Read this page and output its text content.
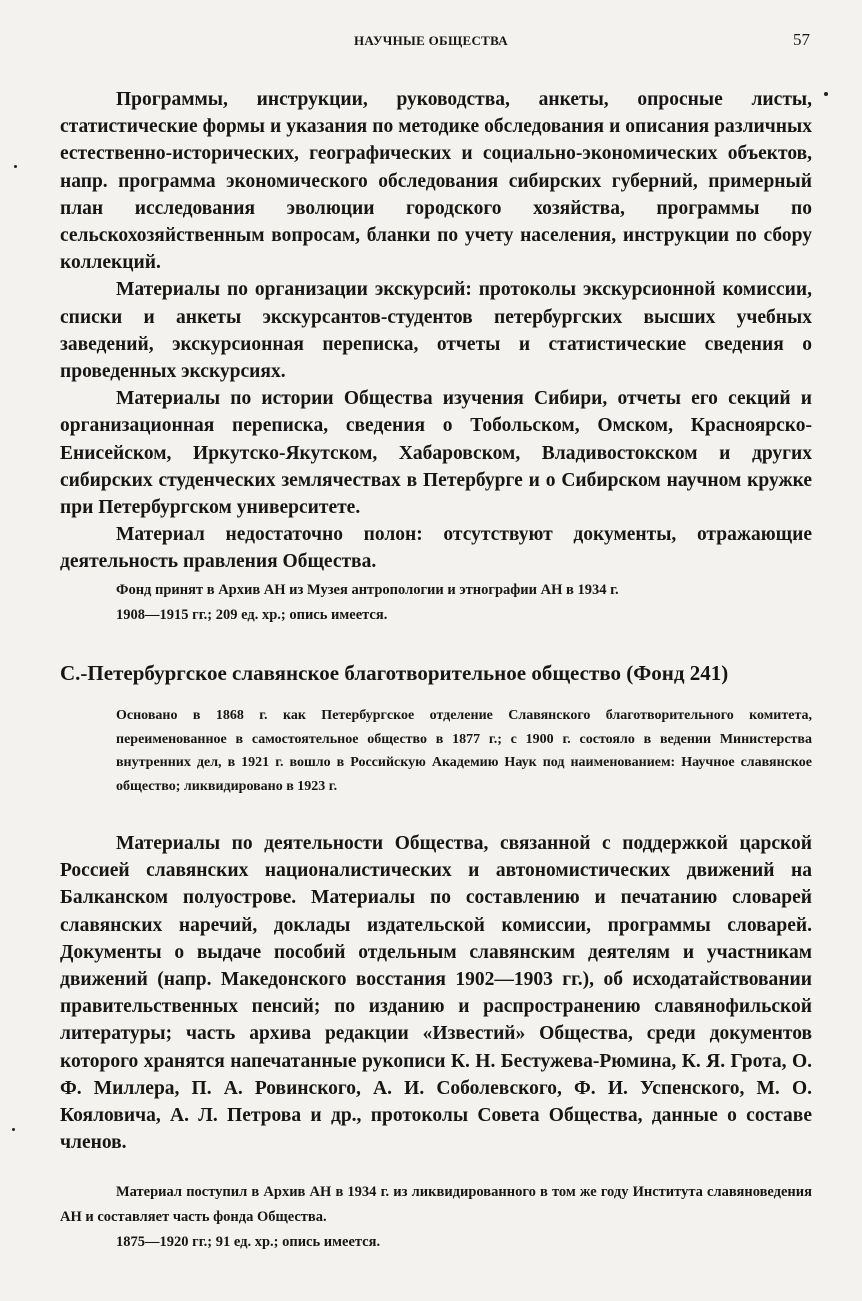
НАУЧНЫЕ ОБЩЕСТВА	57

Программы, инструкции, руководства, анкеты, опросные листы, статистические формы и указания по методике обследования и описания различных естественно-исторических, географических и социально-экономических объектов, напр. программа экономического обследования сибирских губерний, примерный план исследования эволюции городского хозяйства, программы по сельскохозяйственным вопросам, бланки по учету населения, инструкции по сбору коллекций.

Материалы по организации экскурсий: протоколы экскурсионной комиссии, списки и анкеты экскурсантов-студентов петербургских высших учебных заведений, экскурсионная переписка, отчеты и статистические сведения о проведенных экскурсиях.

Материалы по истории Общества изучения Сибири, отчеты его секций и организационная переписка, сведения о Тобольском, Омском, Красноярско-Енисейском, Иркутско-Якутском, Хабаровском, Владивостокском и других сибирских студенческих землячествах в Петербурге и о Сибирском научном кружке при Петербургском университете.

Материал недостаточно полон: отсутствуют документы, отражающие деятельность правления Общества.

Фонд принят в Архив АН из Музея антропологии и этнографии АН в 1934 г.

1908—1915 гг.; 209 ед. хр.; опись имеется.

С.-Петербургское славянское благотворительное общество (Фонд 241)

Основано в 1868 г. как Петербургское отделение Славянского благотворительного комитета, переименованное в самостоятельное общество в 1877 г.; с 1900 г. состояло в ведении Министерства внутренних дел, в 1921 г. вошло в Российскую Академию Наук под наименованием: Научное славянское общество; ликвидировано в 1923 г.

Материалы по деятельности Общества, связанной с поддержкой царской Россией славянских националистических и автономистических движений на Балканском полуострове. Материалы по составлению и печатанию словарей славянских наречий, доклады издательской комиссии, программы словарей. Документы о выдаче пособий отдельным славянским деятелям и участникам движений (напр. Македонского восстания 1902—1903 гг.), об исходатайствовании правительственных пенсий; по изданию и распространению славянофильской литературы; часть архива редакции «Известий» Общества, среди документов которого хранятся напечатанные рукописи К. Н. Бестужева-Рюмина, К. Я. Грота, О. Ф. Миллера, П. А. Ровинского, А. И. Соболевского, Ф. И. Успенского, М. О. Кояловича, А. Л. Петрова и др., протоколы Совета Общества, данные о составе членов.

Материал поступил в Архив АН в 1934 г. из ликвидированного в том же году Института славяноведения АН и составляет часть фонда Общества.

1875—1920 гг.; 91 ед. хр.; опись имеется.
